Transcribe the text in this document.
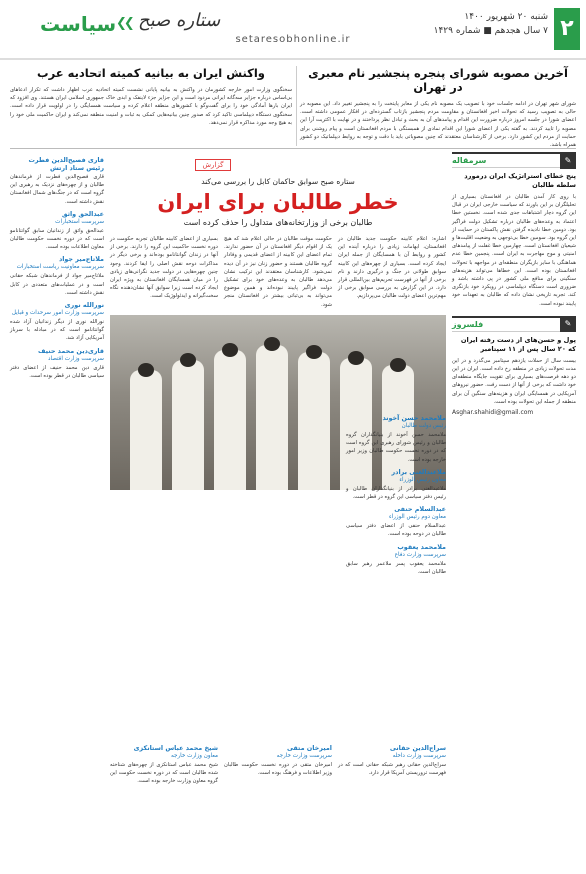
۲
شنبه ۲۰ شهریور ۱۴۰۰
۷ سال هجدهم ■ شماره ۱۴۲۹
setaresobhonline.ir
ستاره صبح
❯❯
سیاست
آخرین مصوبه شورای پنجره پنجشیر نام معبری در تهران
شورای شهر تهران در ادامه جلسات خود با تصویب یک مصوبه نام یکی از معابر پایتخت را به پنجشیر تغییر داد. این مصوبه در حالی به تصویب رسید که تحولات اخیر افغانستان و مقاومت مردم پنجشیر بازتاب گسترده‌ای در افکار عمومی داشته است. اعضای شورا در جلسه امروز درباره ضرورت این اقدام و پیامدهای آن به بحث و تبادل نظر پرداختند و در نهایت با اکثریت آرا این مصوبه را تایید کردند. به گفته یکی از اعضای شورا این اقدام نمادی از همبستگی با مردم افغانستان است و پیام روشنی برای حمایت از مردم این کشور دارد. برخی از کارشناسان معتقدند که چنین مصوباتی باید با دقت و توجه به روابط دیپلماتیک دو کشور همراه باشد.
واکنش ایران به بیانیه کمیته اتحادیه عرب
سخنگوی وزارت امور خارجه کشورمان در واکنش به بیانیه پایانی نشست کمیته اتحادیه عرب اظهار داشت که تکرار ادعاهای بی‌اساس درباره جزایر سه‌گانه ایرانی مردود است و این جزایر جزء لاینفک و ابدی خاک جمهوری اسلامی ایران هستند. وی افزود که ایران بارها آمادگی خود را برای گفت‌وگو با کشورهای منطقه اعلام کرده و سیاست همسایگی را در اولویت قرار داده است. سخنگوی دستگاه دیپلماسی تاکید کرد که صدور چنین بیانیه‌هایی کمکی به ثبات و امنیت منطقه نمی‌کند و ایران حاکمیت ملی خود را به هیچ وجه مورد مذاکره قرار نمی‌دهد.
✎
سرمقاله
پنج خطای استراتژیک ایران درمورد سلطه طالبان
با روی کار آمدن طالبان در افغانستان بسیاری از تحلیلگران بر این باورند که سیاست خارجی ایران در قبال این گروه دچار اشتباهات جدی شده است. نخستین خطا اعتماد به وعده‌های طالبان درباره تشکیل دولت فراگیر بود. دومین خطا نادیده گرفتن نقش پاکستان در حمایت از این گروه بود. سومین خطا بی‌توجهی به وضعیت اقلیت‌ها و شیعیان افغانستان است. چهارمین خطا غفلت از پیامدهای امنیتی و موج مهاجرت به ایران است. پنجمین خطا عدم هماهنگی با سایر بازیگران منطقه‌ای در مواجهه با تحولات افغانستان بوده است. این خطاها می‌تواند هزینه‌های سنگینی برای منافع ملی کشور در پی داشته باشد و ضروری است دستگاه دیپلماسی در رویکرد خود بازنگری کند. تجربه تاریخی نشان داده که طالبان به تعهدات خود پایبند نبوده است.
✎
فلسروز
پول و حسن‌های از دست رفته ایران که ۲۰ سال پس از ۱۱ سپتامبر
بیست سال از حملات یازدهم سپتامبر می‌گذرد و در این مدت تحولات زیادی در منطقه رخ داده است. ایران در این دو دهه فرصت‌های بسیاری برای تقویت جایگاه منطقه‌ای خود داشت که برخی از آنها از دست رفت. حضور نیروهای آمریکایی در همسایگی ایران و هزینه‌های سنگین آن برای منطقه از جمله این تحولات بوده است.
Asghar.shahidi@gmail.com
گزارش
ستاره صبح سوابق حاکمان کابل را بررسی می‌کند
خطر طالبان برای ایران
طالبان برخی از وزارتخانه‌های متداول را حذف کرده است
اشاره: اعلام کابینه حکومت جدید طالبان در افغانستان، ابهامات زیادی را درباره آینده این کشور و روابط آن با همسایگان از جمله ایران ایجاد کرده است. بسیاری از چهره‌های این کابینه سوابق طولانی در جنگ و درگیری دارند و نام برخی از آنها در فهرست تحریم‌های بین‌المللی قرار دارد. در این گزارش به بررسی سوابق برخی از مهم‌ترین اعضای دولت طالبان می‌پردازیم.
حکومت موقت طالبان در حالی اعلام شد که هیچ یک از اقوام دیگر افغانستان در آن حضور ندارند. تمام اعضای این کابینه از اعضای قدیمی و وفادار گروه طالبان هستند و حضور زنان نیز در آن دیده نمی‌شود. کارشناسان معتقدند این ترکیب نشان می‌دهد طالبان به وعده‌های خود برای تشکیل دولت فراگیر پایبند نبوده‌اند و همین موضوع می‌تواند به بی‌ثباتی بیشتر در افغانستان منجر شود.
بسیاری از اعضای کابینه طالبان تجربه حکومت در دوره نخست حاکمیت این گروه را دارند. برخی از آنها در زندان گوانتانامو بوده‌اند و برخی دیگر در مذاکرات دوحه نقش اصلی را ایفا کردند. وجود چنین چهره‌هایی در دولت جدید نگرانی‌های زیادی را در میان همسایگان افغانستان به ویژه ایران ایجاد کرده است زیرا سوابق آنها نشان‌دهنده نگاه سخت‌گیرانه و ایدئولوژیک است.
ملامحمد حسن آخوند
رئیس دولت طالبان
ملامحمد حسن آخوند از بنیانگذاران گروه طالبان و رئیس شورای رهبری این گروه است که در دوره نخست حکومت طالبان وزیر امور خارجه بوده است.
ملاعبدالغنی برادر
معاون رئیس الوزراء
ملاعبدالغنی برادر از بنیانگذاران طالبان و رئیس دفتر سیاسی این گروه در قطر است.
عبدالسلام حنفی
معاون دوم رئیس الوزراء
عبدالسلام حنفی از اعضای دفتر سیاسی طالبان در دوحه بوده است.
ملامحمد یعقوب
سرپرست وزارت دفاع
ملامحمد یعقوب پسر ملاعمر رهبر سابق طالبان است.
قاری فصیح‌الدین فطرت رئیس ستاد ارتش
قاری فصیح‌الدین فطرت از فرماندهان طالبان و از چهره‌های نزدیک به رهبری این گروه است که در جنگ‌های شمال افغانستان نقش داشته است.
عبدالحق واثق
سرپرست استخبارات
عبدالحق واثق از زندانیان سابق گوانتانامو است که در دوره نخست حکومت طالبان معاون اطلاعات بوده است.
ملاتاج‌میر جواد
سرپرست معاونیت ریاست استخبارات
ملاتاج‌میر جواد از فرماندهان شبکه حقانی است و در عملیات‌های متعددی در کابل نقش داشته است.
نورالله نوری
سرپرست وزارت امور سرحدات و قبایل
نورالله نوری از دیگر زندانیان آزاد شده گوانتانامو است که در مبادله با سرباز آمریکایی آزاد شد.
قاری‌دین محمد حنیف
سرپرست وزارت اقتصاد
قاری دین محمد حنیف از اعضای دفتر سیاسی طالبان در قطر بوده است.
سراج‌الدین حقانی
سرپرست وزارت داخله
سراج‌الدین حقانی رهبر شبکه حقانی است که در فهرست تروریستی آمریکا قرار دارد.
امیرخان متقی
سرپرست وزارت خارجه
امیرخان متقی در دوره نخست حکومت طالبان وزیر اطلاعات و فرهنگ بوده است.
شیخ محمد عباس استانکزی
معاون وزارت خارجه
شیخ محمد عباس استانکزی از چهره‌های شناخته شده طالبان است که در دوره نخست حکومت این گروه معاون وزارت خارجه بوده است.
